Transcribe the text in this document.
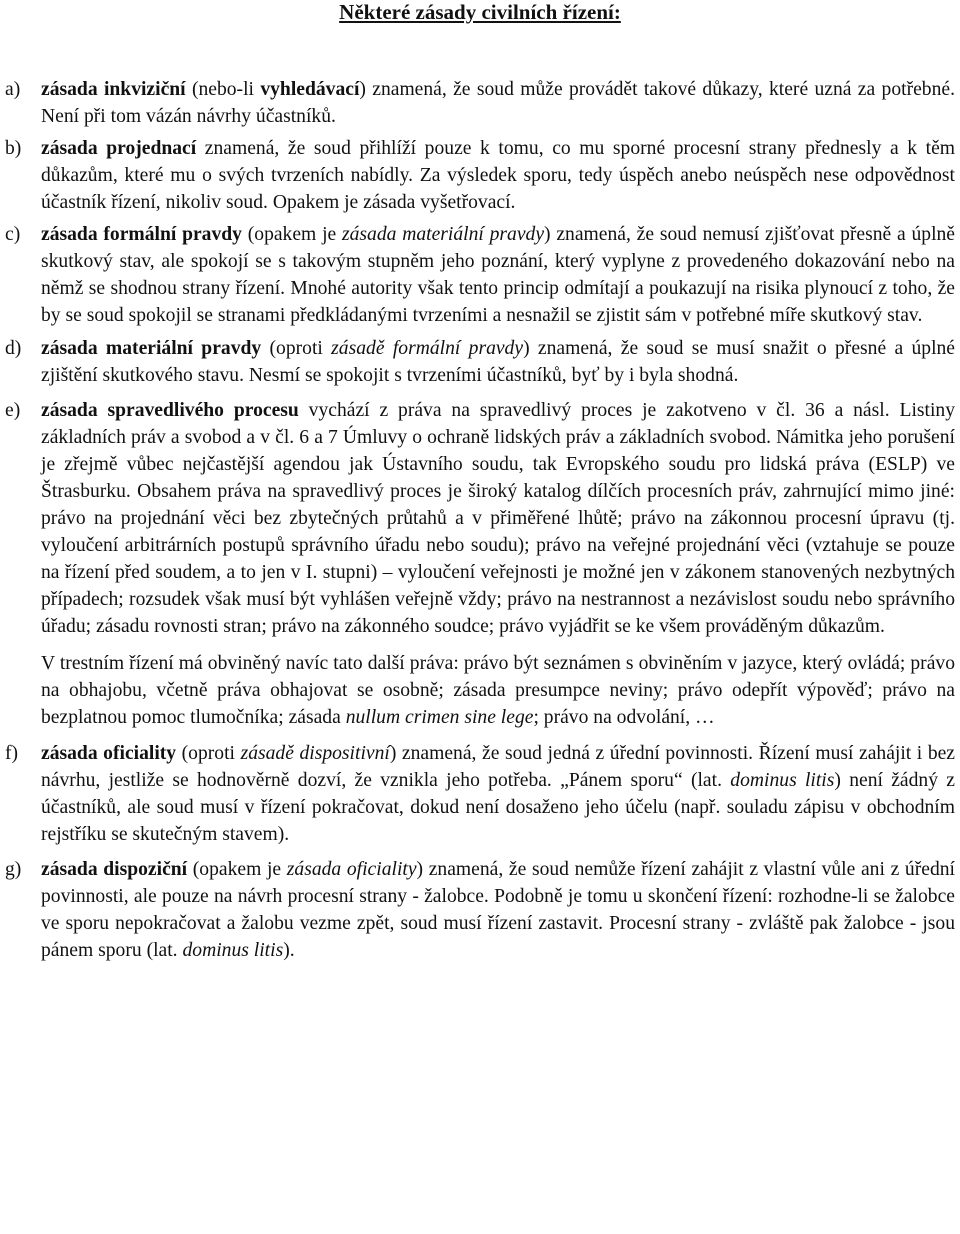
Některé zásady civilních řízení:
a)	zásada inkviziční (nebo-li vyhledávací) znamená, že soud může provádět takové důkazy, které uzná za potřebné. Není při tom vázán návrhy účastníků.

b)	zásada projednací znamená, že soud přihlíží pouze k tomu, co mu sporné procesní strany přednesly a k těm důkazům, které mu o svých tvrzeních nabídly. Za výsledek sporu, tedy úspěch anebo neúspěch nese odpovědnost účastník řízení, nikoliv soud. Opakem je zásada vyšetřovací.

c)	zásada formální pravdy (opakem je zásada materiální pravdy) znamená, že soud nemusí zjišťovat přesně a úplně skutkový stav, ale spokojí se s takovým stupněm jeho poznání, který vyplyne z provedeného dokazování nebo na němž se shodnou strany řízení. Mnohé autority však tento princip odmítají a poukazují na risika plynoucí z toho, že by se soud spokojil se stranami předkládanými tvrzeními a nesnažil se zjistit sám v potřebné míře skutkový stav.

d)	zásada materiální pravdy (oproti zásadě formální pravdy) znamená, že soud se musí snažit o přesné a úplné zjištění skutkového stavu. Nesmí se spokojit s tvrzeními účastníků, byť by i byla shodná.

e)	zásada spravedlivého procesu vychází z práva na spravedlivý proces je zakotveno v čl. 36 a násl. Listiny základních práv a svobod a v čl. 6 a 7 Úmluvy o ochraně lidských práv a základních svobod. Námitka jeho porušení je zřejmě vůbec nejčastější agendou jak Ústavního soudu, tak Evropského soudu pro lidská práva (ESLP) ve Štrasburku. Obsahem práva na spravedlivý proces je široký katalog dílčích procesních práv, zahrnující mimo jiné: právo na projednání věci bez zbytečných průtahů a v přiměřené lhůtě; právo na zákonnou procesní úpravu (tj. vyloučení arbitrárních postupů správního úřadu nebo soudu); právo na veřejné projednání věci (vztahuje se pouze na řízení před soudem, a to jen v I. stupni) – vyloučení veřejnosti je možné jen v zákonem stanovených nezbytných případech; rozsudek však musí být vyhlášen veřejně vždy; právo na nestrannost a nezávislost soudu nebo správního úřadu; zásadu rovnosti stran; právo na zákonného soudce; právo vyjádřit se ke všem prováděným důkazům.

V trestním řízení má obviněný navíc tato další práva: právo být seznámen s obviněním v jazyce, který ovládá; právo na obhajobu, včetně práva obhajovat se osobně; zásada presumpce neviny; právo odepřít výpověď; právo na bezplatnou pomoc tlumočníka; zásada nullum crimen sine lege; právo na odvolání, …

f)	zásada oficiality (oproti zásadě dispositivní) znamená, že soud jedná z úřední povinnosti. Řízení musí zahájit i bez návrhu, jestliže se hodnověrně dozví, že vznikla jeho potřeba. „Pánem sporu“ (lat. dominus litis) není žádný z účastníků, ale soud musí v řízení pokračovat, dokud není dosaženo jeho účelu (např. souladu zápisu v obchodním rejstříku se skutečným stavem).

g)	zásada dispoziční (opakem je zásada oficiality) znamená, že soud nemůže řízení zahájit z vlastní vůle ani z úřední povinnosti, ale pouze na návrh procesní strany - žalobce. Podobně je tomu u skončení řízení: rozhodne-li se žalobce ve sporu nepokračovat a žalobu vezme zpět, soud musí řízení zastavit. Procesní strany - zvláště pak žalobce - jsou pánem sporu (lat. dominus litis).
